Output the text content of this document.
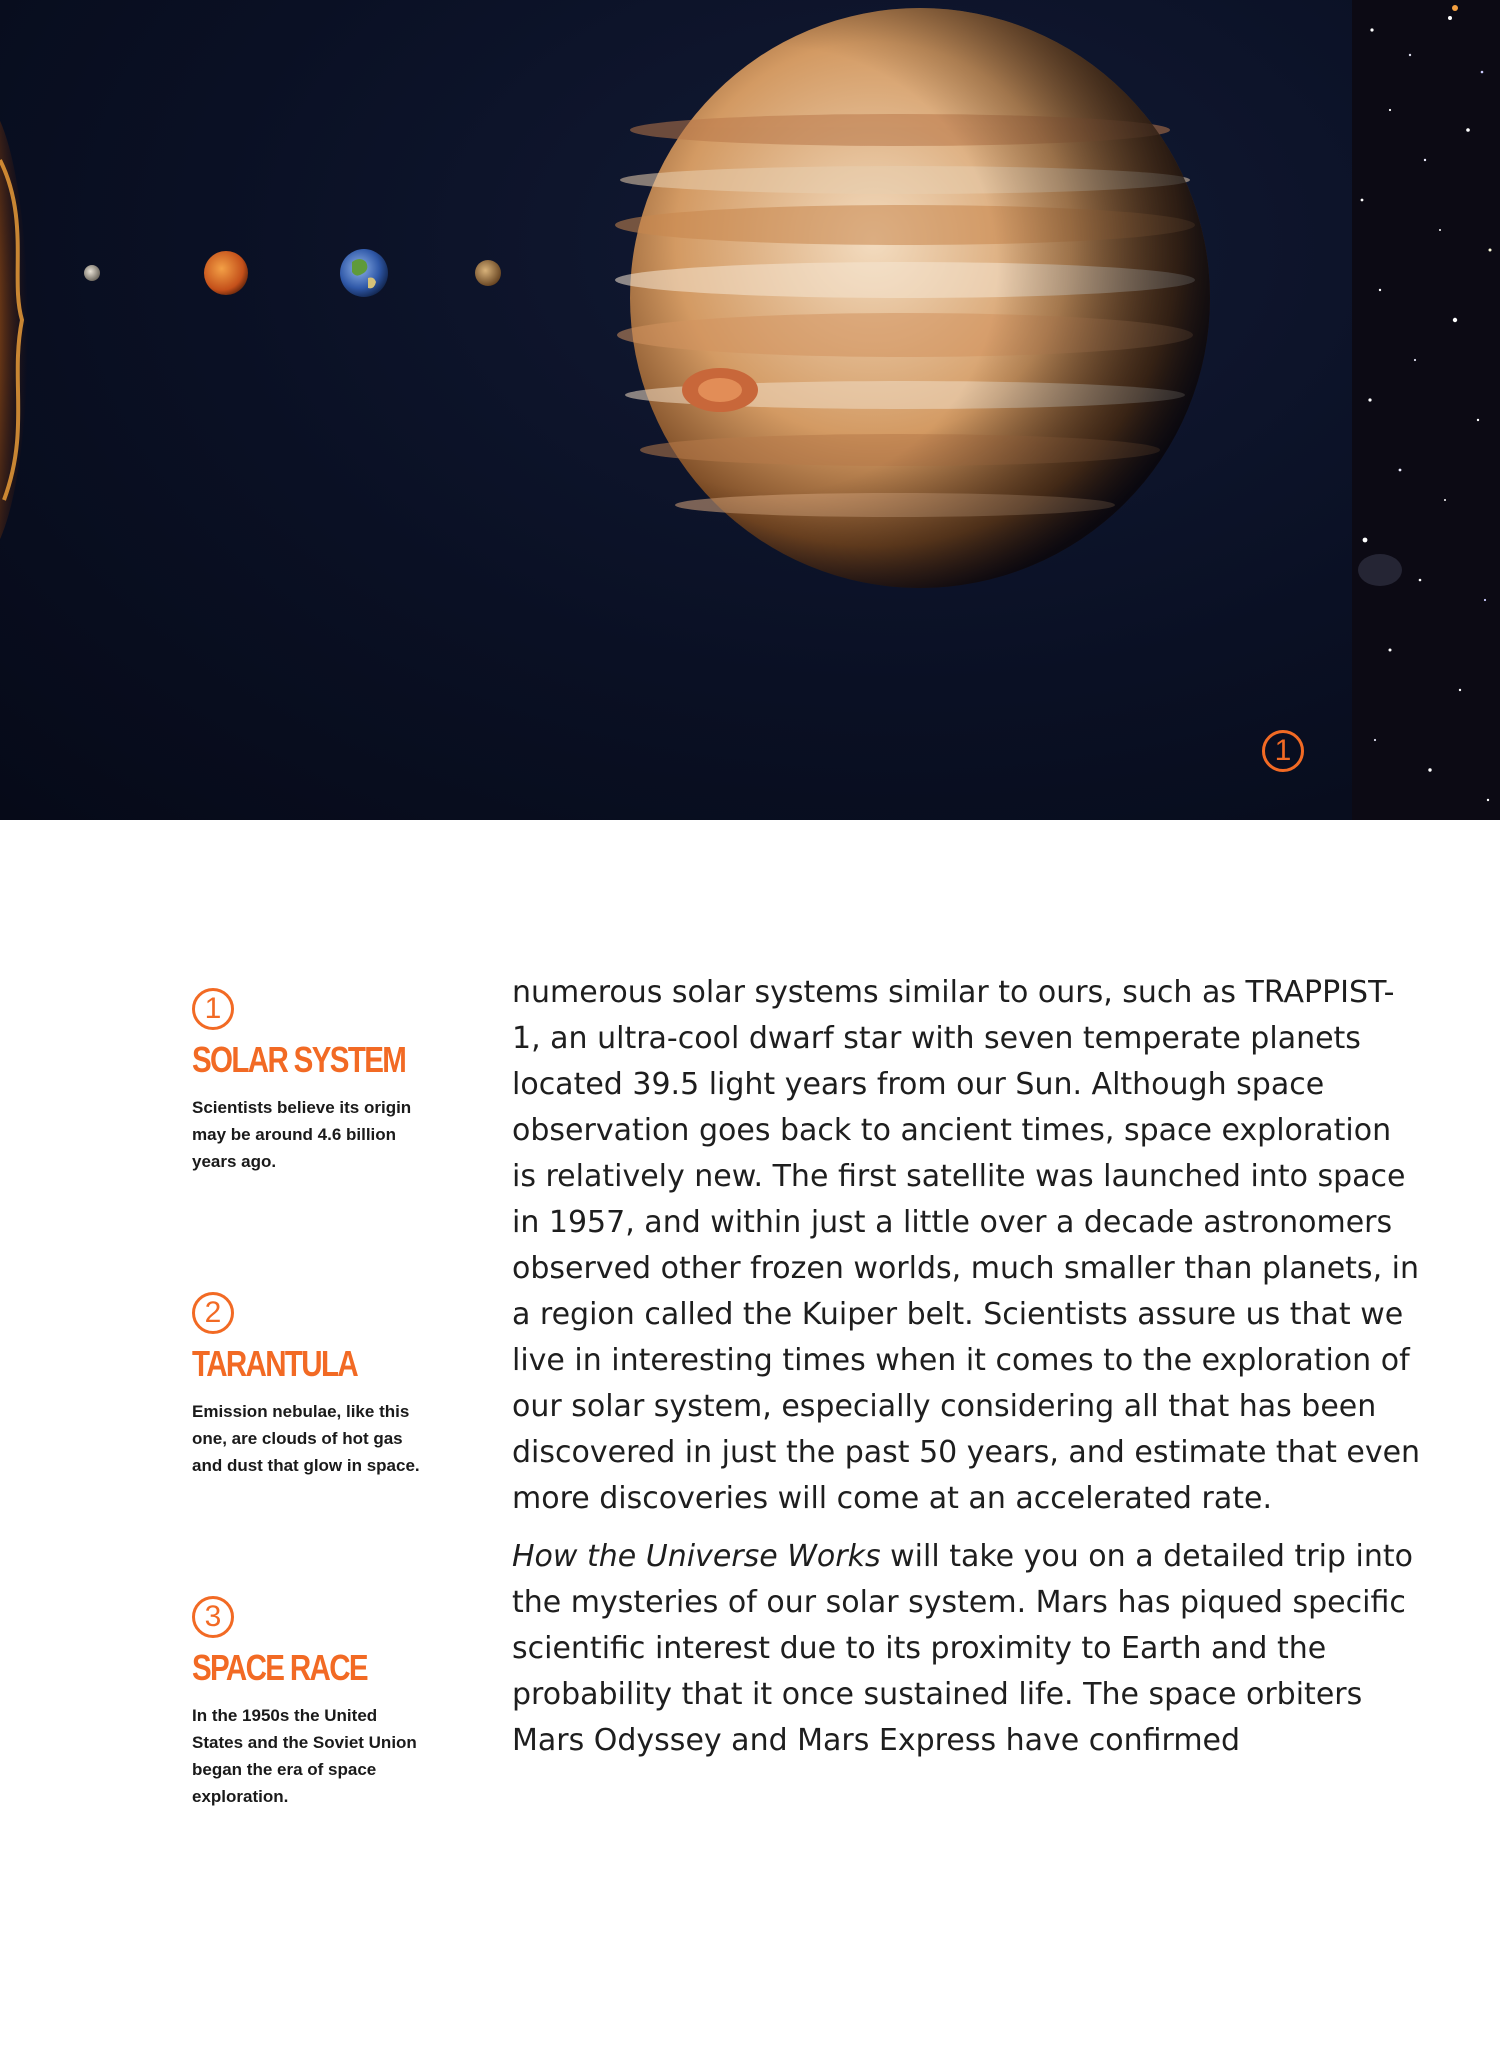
1
1
SOLAR SYSTEM
Scientists believe its origin may be around 4.6 billion years ago.
2
TARANTULA
Emission nebulae, like this one, are clouds of hot gas and dust that glow in space.
3
SPACE RACE
In the 1950s the United States and the Soviet Union began the era of space exploration.

numerous solar systems similar to ours, such as TRAPPIST-1, an ultra-cool dwarf star with seven temperate planets located 39.5 light years from our Sun. Although space observation goes back to ancient times, space exploration is relatively new. The first satellite was launched into space in 1957, and within just a little over a decade astronomers observed other frozen worlds, much smaller than planets, in a region called the Kuiper belt. Scientists assure us that we live in interesting times when it comes to the exploration of our solar system, especially considering all that has been discovered in just the past 50 years, and estimate that even more discoveries will come at an accelerated rate.

How the Universe Works will take you on a detailed trip into the mysteries of our solar system. Mars has piqued specific scientific interest due to its proximity to Earth and the probability that it once sustained life. The space orbiters Mars Odyssey and Mars Express have confirmed
